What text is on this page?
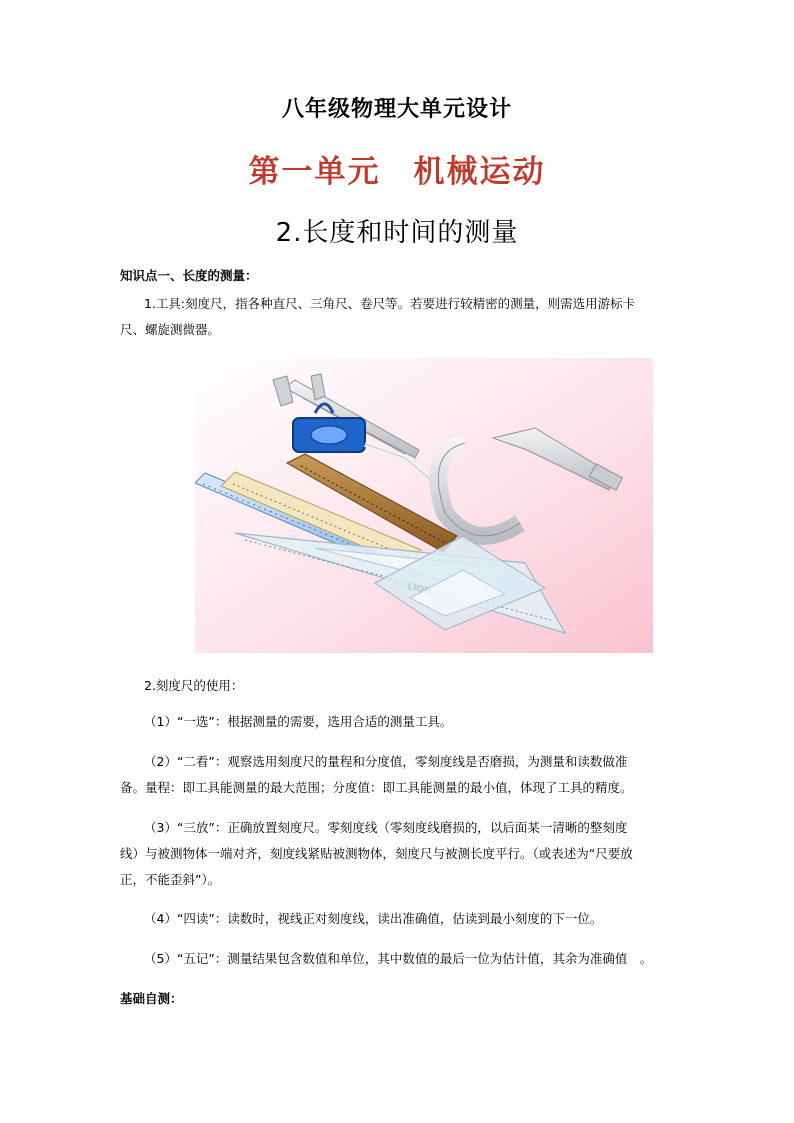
八年级物理大单元设计
第一单元　机械运动
2.长度和时间的测量
知识点一、长度的测量：
1.工具:刻度尺，指各种直尺、三角尺、卷尺等。若要进行较精密的测量，则需选用游标卡
尺、螺旋测微器。
2.刻度尺的使用：
（1）“一选”：根据测量的需要，选用合适的测量工具。
（2）“二看”：观察选用刻度尺的量程和分度值，零刻度线是否磨损，为测量和读数做准
备。量程：即工具能测量的最大范围；分度值：即工具能测量的最小值，体现了工具的精度。
（3）“三放”：正确放置刻度尺。零刻度线（零刻度线磨损的，以后面某一清晰的整刻度
线）与被测物体一端对齐，刻度线紧贴被测物体，刻度尺与被测长度平行。（或表述为“尺要放
正，不能歪斜”）。
（4）“四读”：读数时，视线正对刻度线，读出准确值，估读到最小刻度的下一位。
（5）“五记”：测量结果包含数值和单位，其中数值的最后一位为估计值，其余为准确值　。
基础自测：
